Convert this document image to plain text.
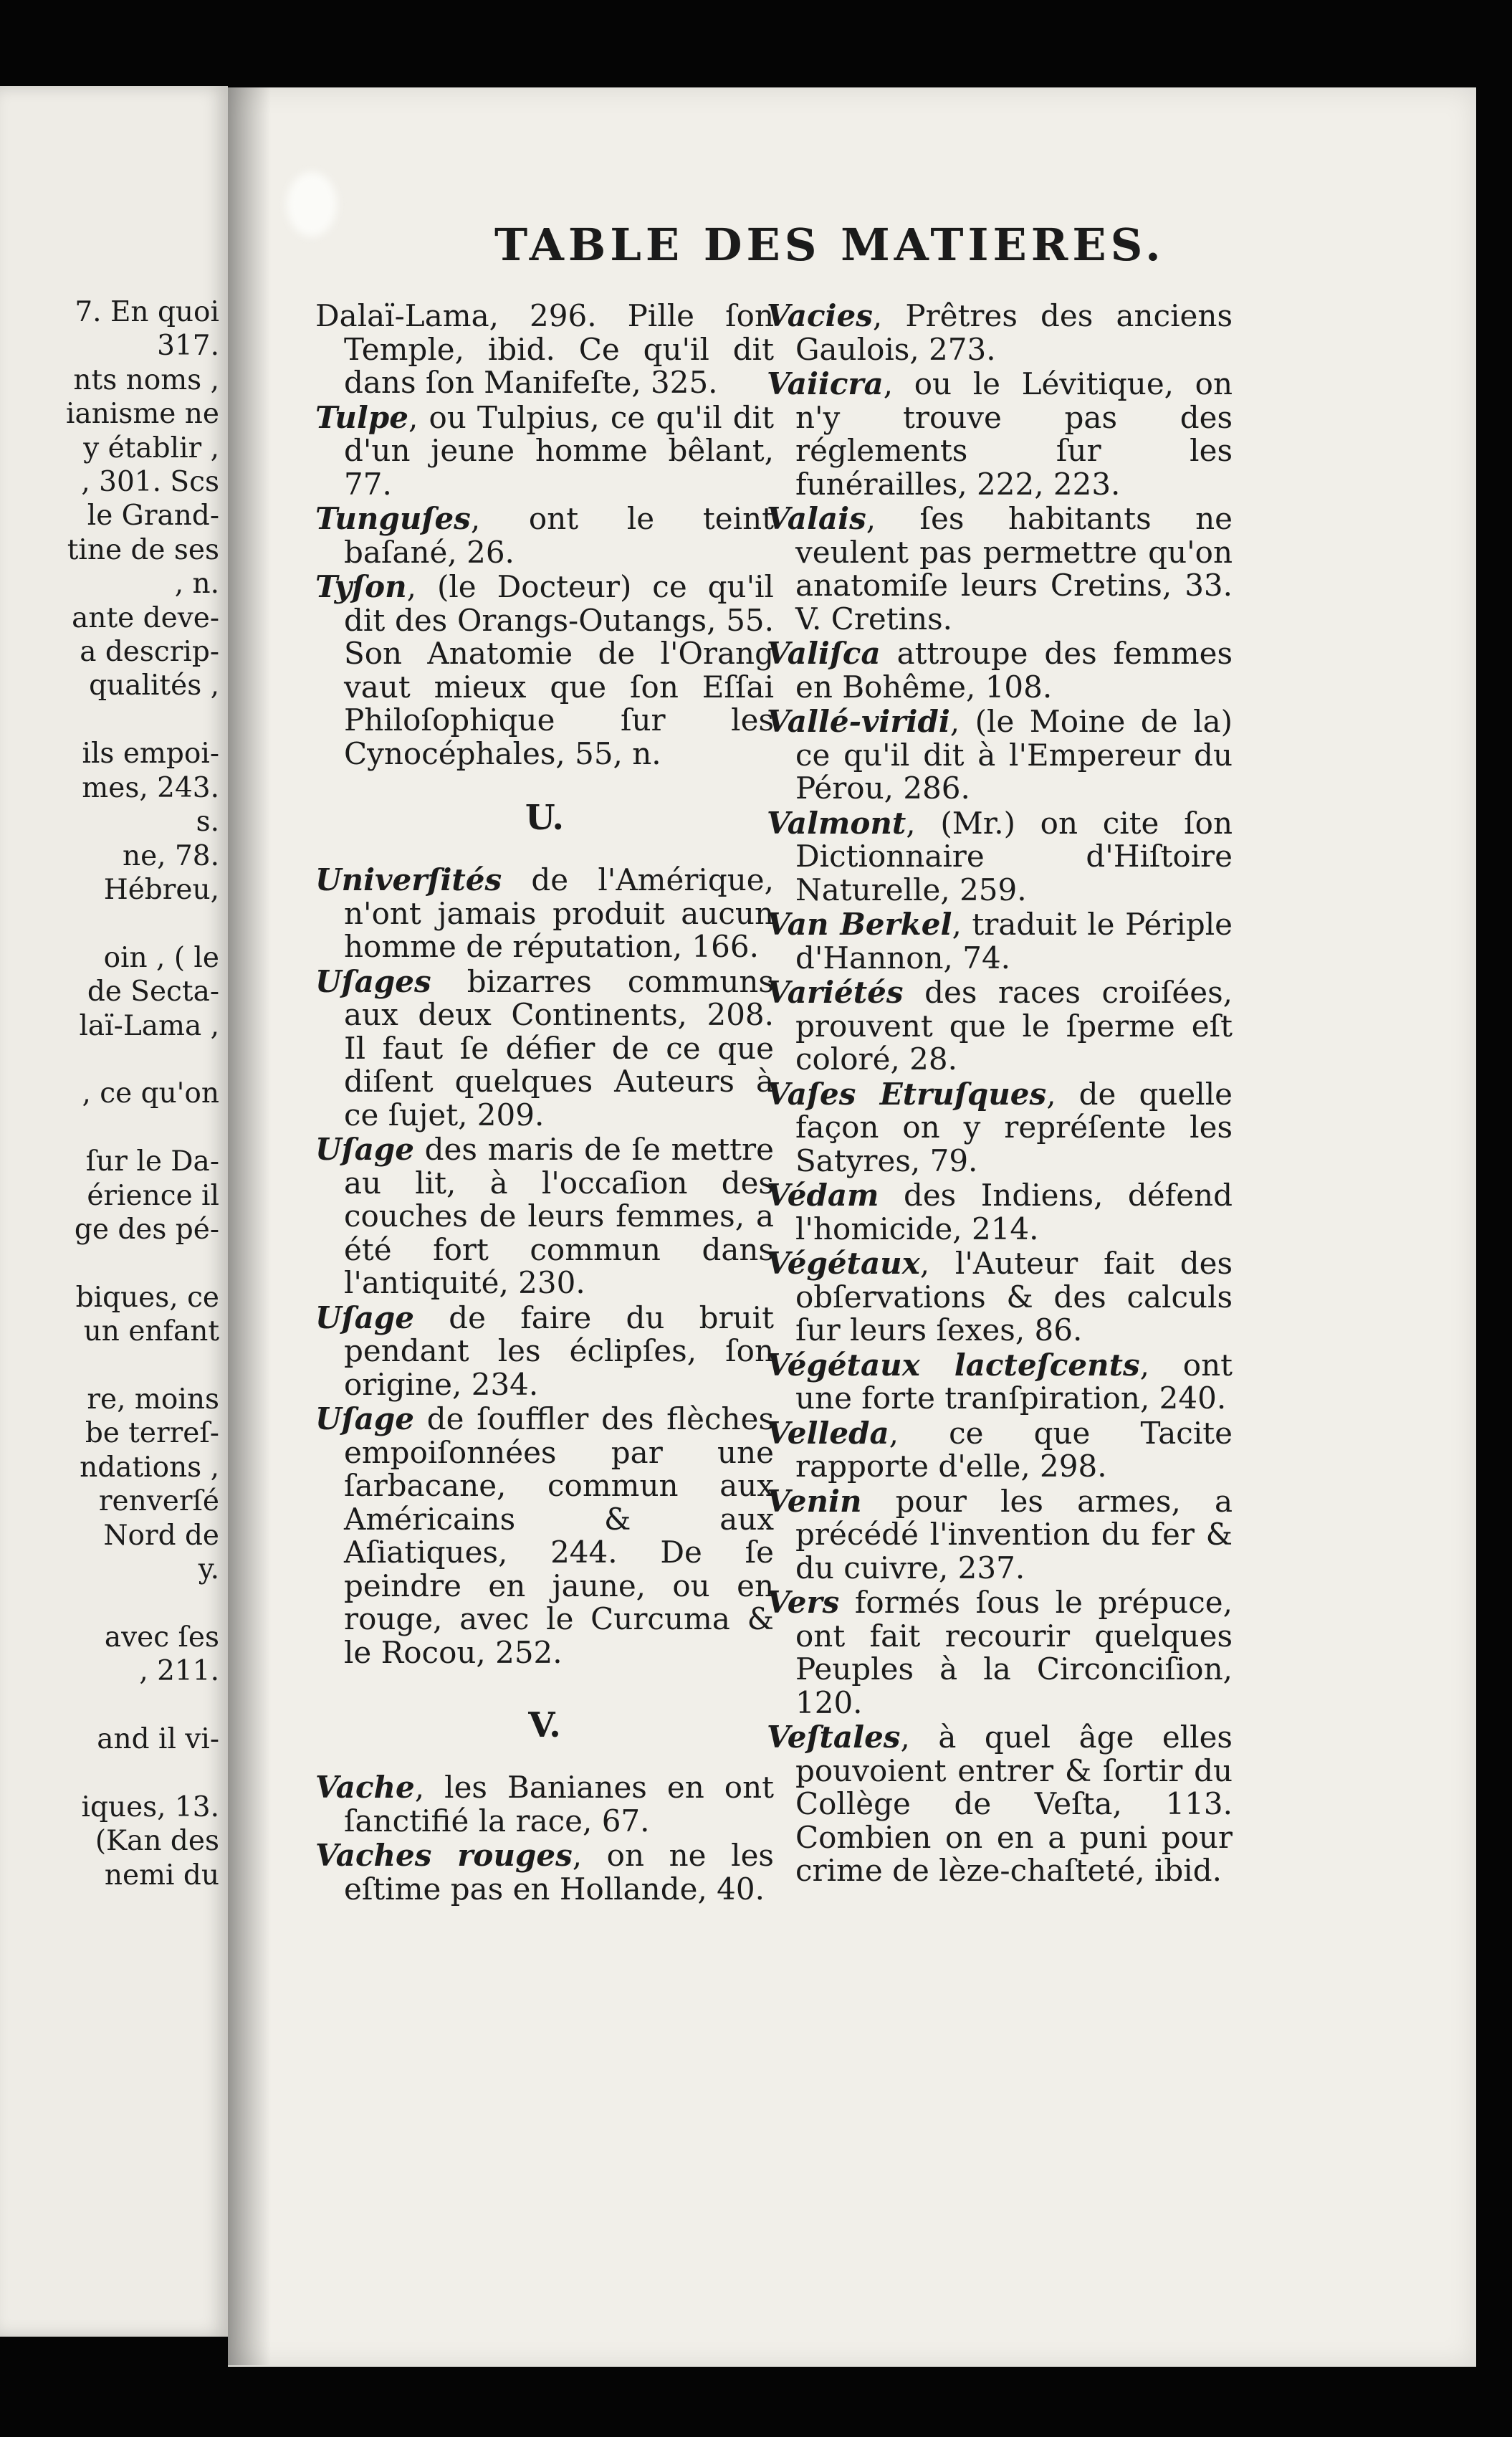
7. En quoi
317.
nts noms ,
ianisme ne
y établir ,
, 301. Scs
le Grand-
tine de ses
, n.
ante deve-
a descrip-
qualités ,

ils empoi-
mes, 243.
s.
ne, 78.
Hébreu,

oin , ( le
de Secta-
laï-Lama ,

, ce qu'on

ſur le Da-
érience il
ge des pé-

biques, ce
un enfant

re, moins
be terreſ-
ndations ,
renverſé
Nord de
y.

avec ſes
, 211.

and il vi-

iques, 13.
(Kan des
nemi du
TABLE DES MATIERES.

Dalaï-Lama, 296. Pille ſon Temple, ibid. Ce qu'il dit dans ſon Manifeſte, 325.

Tulpe, ou Tulpius, ce qu'il dit d'un jeune homme bêlant, 77.

Tunguſes, ont le teint baſané, 26.

Tyſon, (le Docteur) ce qu'il dit des Orangs-Outangs, 55. Son Anatomie de l'Orang vaut mieux que ſon Eſſai Philoſophique ſur les Cynocéphales, 55, n.

U.

Univerſités de l'Amérique, n'ont jamais produit aucun homme de réputation, 166.

Uſages bizarres communs aux deux Continents, 208. Il faut ſe défier de ce que diſent quelques Auteurs à ce ſujet, 209.

Uſage des maris de ſe mettre au lit, à l'occaſion des couches de leurs femmes, a été fort commun dans l'antiquité, 230.

Uſage de faire du bruit pendant les éclipſes, ſon origine, 234.

Uſage de ſouffler des flèches empoiſonnées par une ſarbacane, commun aux Américains & aux Aſiatiques, 244. De ſe peindre en jaune, ou en rouge, avec le Curcuma & le Rocou, 252.

V.

Vache, les Banianes en ont ſanctifié la race, 67.

Vaches rouges, on ne les eſtime pas en Hollande, 40.

Vacies, Prêtres des anciens Gaulois, 273.

Vaiicra, ou le Lévitique, on n'y trouve pas des réglements ſur les funérailles, 222, 223.

Valais, ſes habitants ne veulent pas permettre qu'on anatomiſe leurs Cretins, 33. V. Cretins.

Valiſca attroupe des femmes en Bohême, 108.

Vallé-viridi, (le Moine de la) ce qu'il dit à l'Empereur du Pérou, 286.

Valmont, (Mr.) on cite ſon Dictionnaire d'Hiſtoire Naturelle, 259.

Van Berkel, traduit le Périple d'Hannon, 74.

Variétés des races croiſées, prouvent que le ſperme eſt coloré, 28.

Vaſes Etruſques, de quelle façon on y repréſente les Satyres, 79.

Védam des Indiens, défend l'homicide, 214.

Végétaux, l'Auteur fait des obſervations & des calculs ſur leurs ſexes, 86.

Végétaux lacteſcents, ont une forte tranſpiration, 240.

Velleda, ce que Tacite rapporte d'elle, 298.

Venin pour les armes, a précédé l'invention du fer & du cuivre, 237.

Vers formés ſous le prépuce, ont fait recourir quelques Peuples à la Circonciſion, 120.

Veſtales, à quel âge elles pouvoient entrer & ſortir du Collège de Veſta, 113. Combien on en a puni pour crime de lèze-chaſteté, ibid.
